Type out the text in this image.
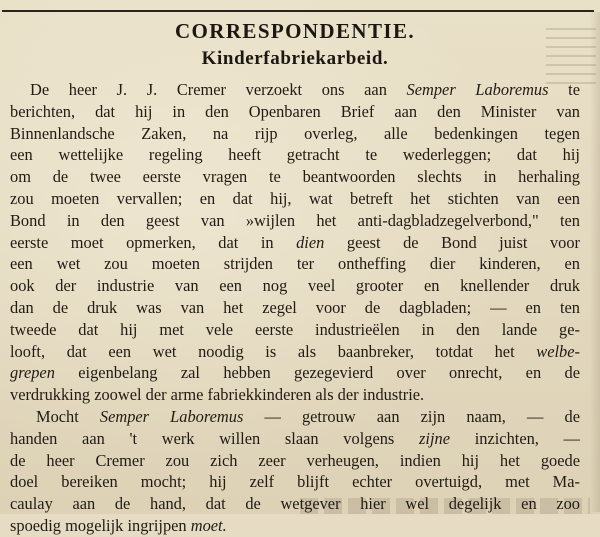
CORRESPONDENTIE.
Kinderfabriekarbeid.
De heer J. J. Cremer verzoekt ons aan Semper Laboremus te
berichten, dat hij in den Openbaren Brief aan den Minister van
Binnenlandsche Zaken, na rijp overleg, alle bedenkingen tegen
een wettelijke regeling heeft getracht te wederleggen; dat hij
om de twee eerste vragen te beantwoorden slechts in herhaling
zou moeten vervallen; en dat hij, wat betreft het stichten van een
Bond in den geest van »wijlen het anti-dagbladzegelverbond," ten
eerste moet opmerken, dat in dien geest de Bond juist voor
een wet zou moeten strijden ter ontheffing dier kinderen, en
ook der industrie van een nog veel grooter en knellender druk
dan de druk was van het zegel voor de dagbladen; — en ten
tweede dat hij met vele eerste industrieëlen in den lande ge-
looft, dat een wet noodig is als baanbreker, totdat het welbe-
grepen eigenbelang zal hebben gezegevierd over onrecht, en de
verdrukking zoowel der arme fabriekkinderen als der industrie.
Mocht Semper Laboremus — getrouw aan zijn naam, — de
handen aan 't werk willen slaan volgens zijne inzichten, —
de heer Cremer zou zich zeer verheugen, indien hij het goede
doel bereiken mocht; hij zelf blijft echter overtuigd, met Ma-
caulay aan de hand, dat de wetgever hier wel degelijk en zoo
spoedig mogelijk ingrijpen moet.
